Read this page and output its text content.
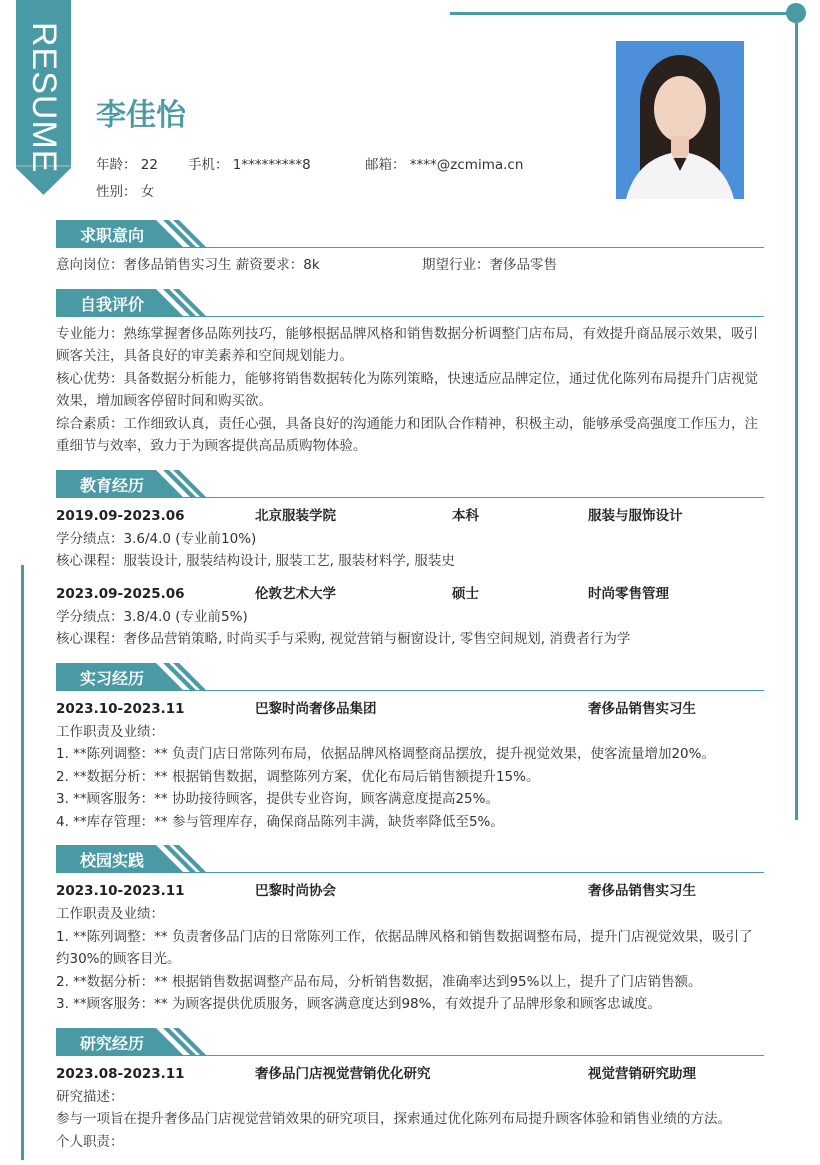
RESUME 李佳怡
年龄： 22 手机： 1*********8	邮箱： ****@zcmima.cn
性别： 女
求职意向
意向岗位：奢侈品销售实习生 薪资要求：8k	期望行业：奢侈品零售
自我评价
专业能力：熟练掌握奢侈品陈列技巧，能够根据品牌风格和销售数据分析调整门店布局，有效提升商品展示效果，吸引顾客关注，具备良好的审美素养和空间规划能力。
核心优势：具备数据分析能力，能够将销售数据转化为陈列策略，快速适应品牌定位，通过优化陈列布局提升门店视觉效果，增加顾客停留时间和购买欲。
综合素质：工作细致认真，责任心强，具备良好的沟通能力和团队合作精神，积极主动，能够承受高强度工作压力，注重细节与效率，致力于为顾客提供高品质购物体验。
教育经历
2019.09-2023.06	北京服装学院	本科	服装与服饰设计
学分绩点：3.6/4.0 (专业前10%)
核心课程：服装设计, 服装结构设计, 服装工艺, 服装材料学, 服装史
2023.09-2025.06	伦敦艺术大学	硕士	时尚零售管理
学分绩点：3.8/4.0 (专业前5%)
核心课程：奢侈品营销策略, 时尚买手与采购, 视觉营销与橱窗设计, 零售空间规划, 消费者行为学
实习经历
2023.10-2023.11	巴黎时尚奢侈品集团	奢侈品销售实习生
工作职责及业绩：
1. **陈列调整：** 负责门店日常陈列布局，依据品牌风格调整商品摆放，提升视觉效果，使客流量增加20%。
2. **数据分析：** 根据销售数据，调整陈列方案，优化布局后销售额提升15%。
3. **顾客服务：** 协助接待顾客，提供专业咨询，顾客满意度提高25%。
4. **库存管理：** 参与管理库存，确保商品陈列丰满，缺货率降低至5%。
校园实践
2023.10-2023.11	巴黎时尚协会	奢侈品销售实习生
工作职责及业绩：
1. **陈列调整：** 负责奢侈品门店的日常陈列工作，依据品牌风格和销售数据调整布局，提升门店视觉效果，吸引了约30%的顾客目光。
2. **数据分析：** 根据销售数据调整产品布局，分析销售数据，准确率达到95%以上，提升了门店销售额。
3. **顾客服务：** 为顾客提供优质服务，顾客满意度达到98%，有效提升了品牌形象和顾客忠诚度。
研究经历
2023.08-2023.11	奢侈品门店视觉营销优化研究	视觉营销研究助理
研究描述：
参与一项旨在提升奢侈品门店视觉营销效果的研究项目，探索通过优化陈列布局提升顾客体验和销售业绩的方法。
个人职责：
